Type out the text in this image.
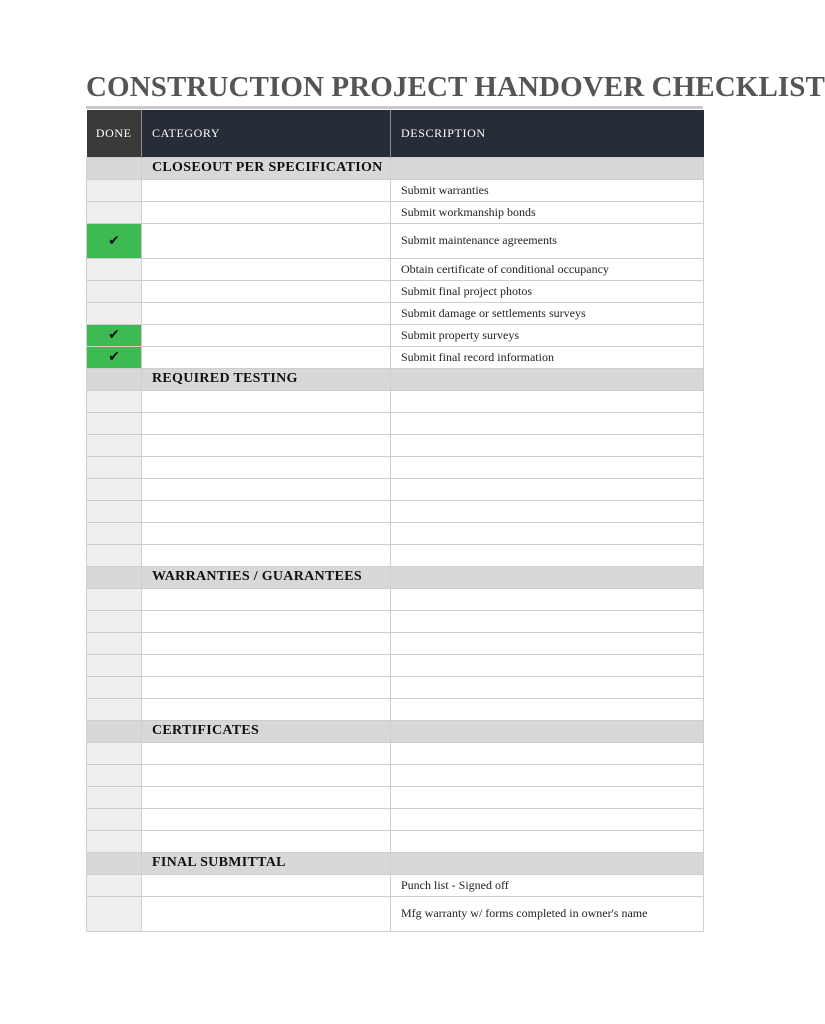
CONSTRUCTION PROJECT HANDOVER CHECKLIST
DONE	CATEGORY	DESCRIPTION
	CLOSEOUT PER SPECIFICATION	
		Submit warranties
		Submit workmanship bonds
✔		Submit maintenance agreements
		Obtain certificate of conditional occupancy
		Submit final project photos
		Submit damage or settlements surveys
✔		Submit property surveys
✔		Submit final record information
	REQUIRED TESTING	

	WARRANTIES / GUARANTEES	

	CERTIFICATES	

	FINAL SUBMITTAL	
		Punch list - Signed off
		Mfg warranty w/ forms completed in owner's name
